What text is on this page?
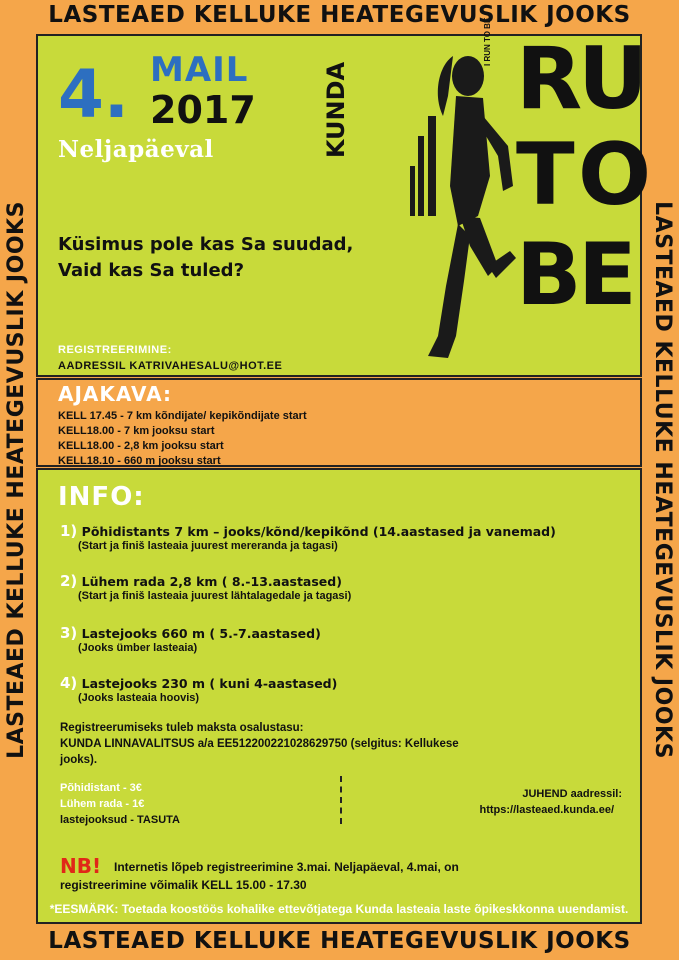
LASTEAED KELLUKE HEATEGEVUSLIK JOOKS
LASTEAED KELLUKE HEATEGEVUSLIK JOOKS	LASTEAED KELLUKE HEATEGEVUSLIK JOOKS
4. MAIL
2017
Neljapäeval	KUNDA
Küsimus pole kas Sa suudad,
Vaid kas Sa tuled?
REGISTREERIMINE:
AADRESSIL KATRIVAHESALU@HOT.EE
I RUN TO BE. R
U
T O
B
E
AJAKAVA:
KELL 17.45 - 7 km kõndijate/ kepikõndijate start
KELL18.00 - 7 km jooksu start
KELL18.00 - 2,8 km jooksu start
KELL18.10 - 660 m jooksu start
INFO:
1) Põhidistants 7 km – jooks/kõnd/kepikõnd (14.aastased ja vanemad)
(Start ja finiš lasteaia juurest mereranda ja tagasi)
2) Lühem rada 2,8 km ( 8.-13.aastased)
(Start ja finiš lasteaia juurest lähtalagedale ja tagasi)
3) Lastejooks 660 m ( 5.-7.aastased)
(Jooks ümber lasteaia)
4) Lastejooks 230 m ( kuni 4-aastased)
(Jooks lasteaia hoovis)
Registreerumiseks tuleb maksta osalustasu:
KUNDA LINNAVALITSUS a/a EE512200221028629750 (selgitus: Kellukese
jooks).
Põhidistant - 3€
Lühem rada - 1€
lastejooksud - TASUTA
JUHEND aadressil:
https://lasteaed.kunda.ee/
NB! Internetis lõpeb registreerimine 3.mai. Neljapäeval, 4.mai, on
registreerimine võimalik KELL 15.00 - 17.30
*EESMÄRK: Toetada koostöös kohalike ettevõtjatega Kunda lasteaia laste õpikeskkonna uuendamist.
LASTEAED KELLUKE HEATEGEVUSLIK JOOKS
